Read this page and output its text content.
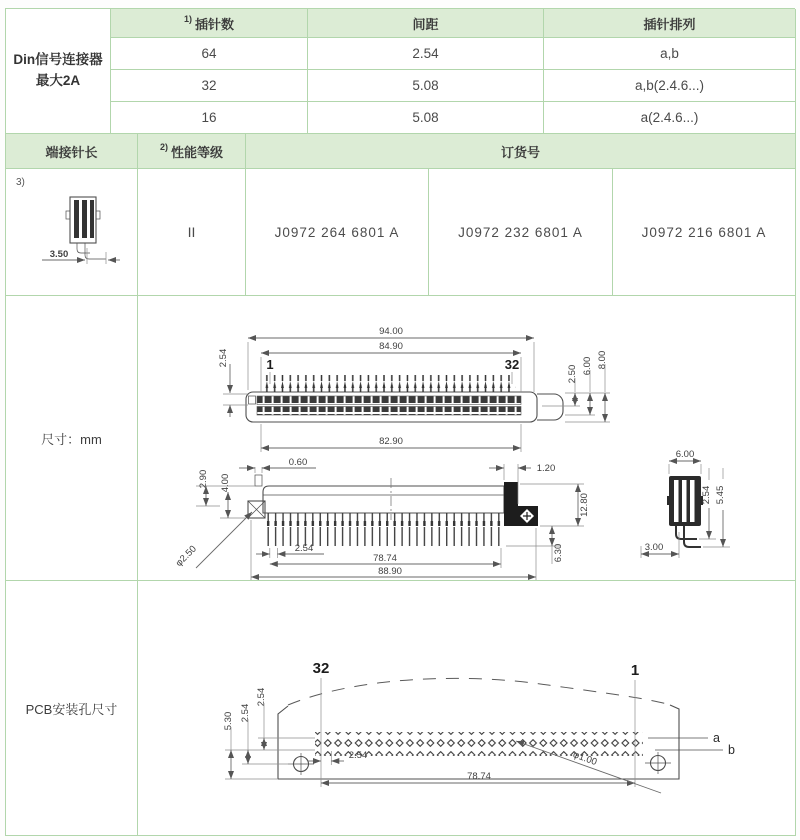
Din信号连接器
最大2A
1) 插针数	间距	插针排列
64	2.54	a,b
32	5.08	a,b(2.4.6...)
16	5.08	a(2.4.6...)
端接针长	2) 性能等级	订货号
3)
3.50
II	J0972 264 6801 A	J0972 232 6801 A	J0972 216 6801 A
尺寸：mm
1	32
94.00
84.90
82.90
2.54
2.50 6.00 8.00
0.60
2.90 4.00
φ2.50	2.54
78.74
88.90
1.20
12.80
6.30
6.00
2.54 5.45
3.00
PCB安装孔尺寸
32	1
a
b
2.54
2.54
5.30
2.54
78.74
φ1.00
